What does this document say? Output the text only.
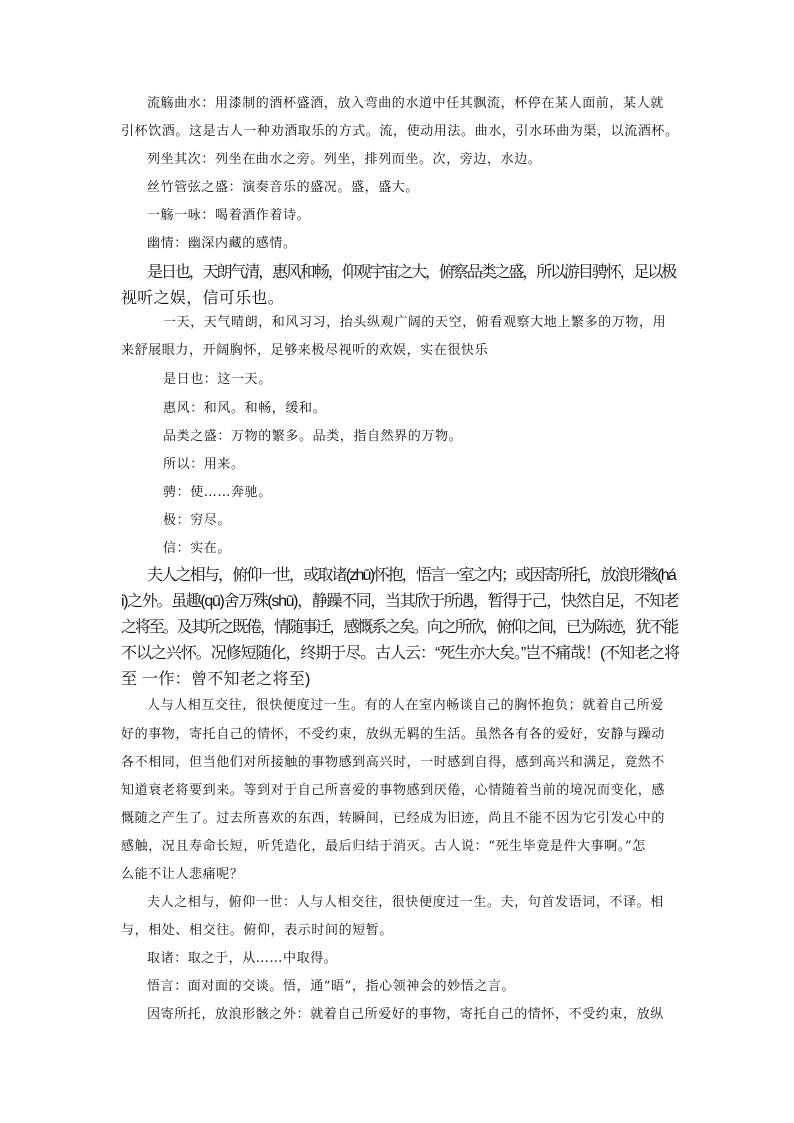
流觞曲水：用漆制的酒杯盛酒，放入弯曲的水道中任其飘流，杯停在某人面前，某人就

引杯饮酒。这是古人一种劝酒取乐的方式。流，使动用法。曲水，引水环曲为渠，以流酒杯。

列坐其次：列坐在曲水之旁。列坐，排列而坐。次，旁边，水边。

丝竹管弦之盛：演奏音乐的盛况。盛，盛大。

一觞一咏：喝着酒作着诗。

幽情：幽深内藏的感情。

是日也，天朗气清，惠风和畅，仰观宇宙之大，俯察品类之盛，所以游目骋怀，足以极

视听之娱，信可乐也。

一天，天气晴朗，和风习习，抬头纵观广阔的天空，俯看观察大地上繁多的万物，用

来舒展眼力，开阔胸怀，足够来极尽视听的欢娱，实在很快乐

是日也：这一天。

惠风：和风。和畅，缓和。

品类之盛：万物的繁多。品类，指自然界的万物。

所以：用来。

骋：使……奔驰。

极：穷尽。

信：实在。

夫人之相与，俯仰一世，或取诸(zhū)怀抱，悟言一室之内；或因寄所托，放浪形骸(há

i)之外。虽趣(qū)舍万殊(shū)，静躁不同，当其欣于所遇，暂得于己，快然自足，不知老

之将至。及其所之既倦，情随事迁，感慨系之矣。向之所欣，俯仰之间，已为陈迹，犹不能

不以之兴怀。况修短随化，终期于尽。古人云：“死生亦大矣。”岂不痛哉！(不知老之将

至 一作：曾不知老之将至)

人与人相互交往，很快便度过一生。有的人在室内畅谈自己的胸怀抱负；就着自己所爱

好的事物，寄托自己的情怀，不受约束，放纵无羁的生活。虽然各有各的爱好，安静与躁动

各不相同，但当他们对所接触的事物感到高兴时，一时感到自得，感到高兴和满足，竟然不

知道衰老将要到来。等到对于自己所喜爱的事物感到厌倦，心情随着当前的境况而变化，感

慨随之产生了。过去所喜欢的东西，转瞬间，已经成为旧迹，尚且不能不因为它引发心中的

感触，况且寿命长短，听凭造化，最后归结于消灭。古人说：“死生毕竟是件大事啊。”怎

么能不让人悲痛呢？

夫人之相与，俯仰一世：人与人相交往，很快便度过一生。夫，句首发语词，不译。相

与，相处、相交往。俯仰，表示时间的短暂。

取诸：取之于，从……中取得。

悟言：面对面的交谈。悟，通“晤”，指心领神会的妙悟之言。

因寄所托，放浪形骸之外：就着自己所爱好的事物，寄托自己的情怀，不受约束，放纵
